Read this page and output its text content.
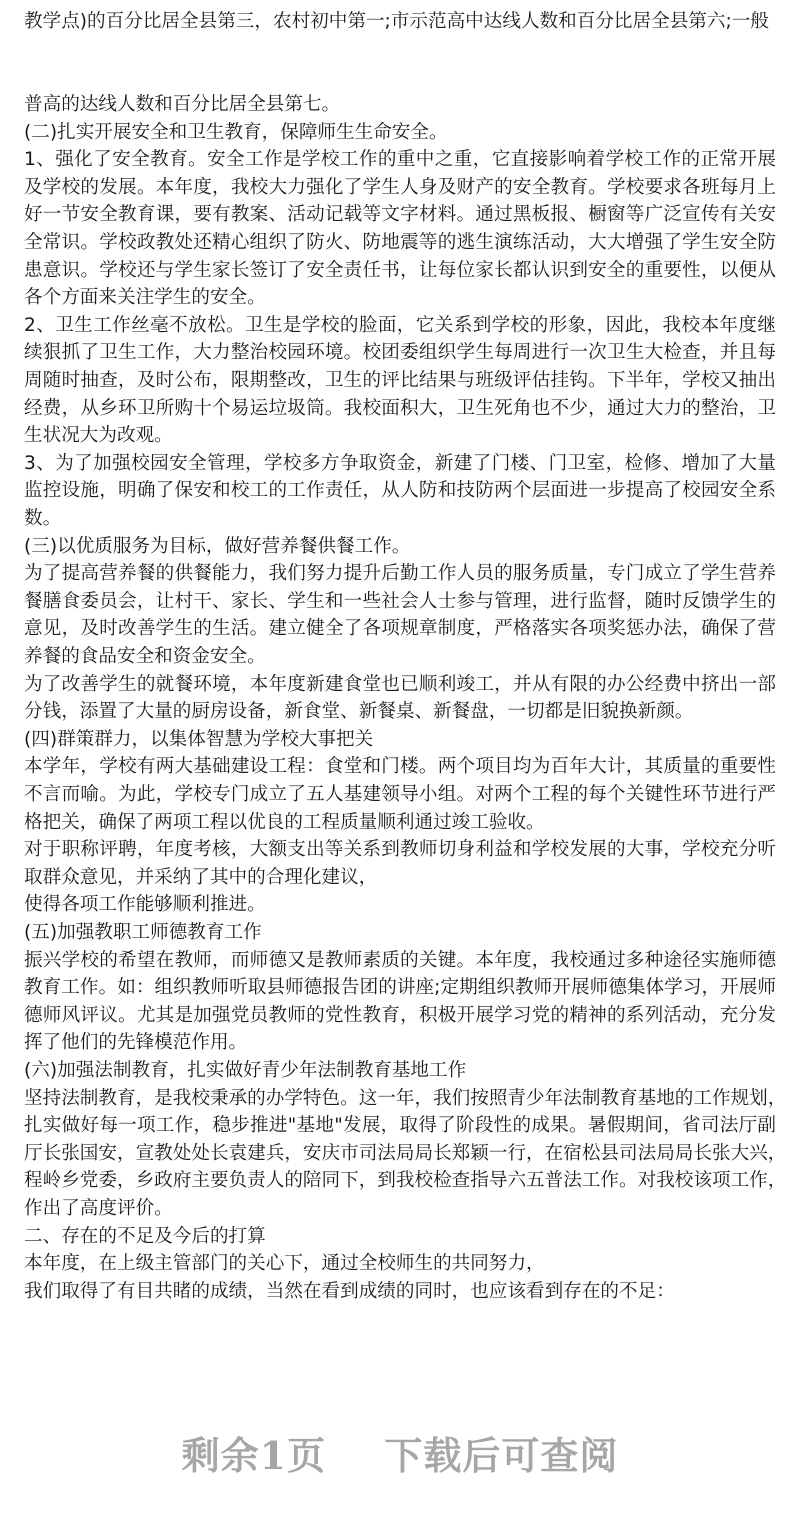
教学点)的百分比居全县第三，农村初中第一;市示范高中达线人数和百分比居全县第六;一般
普高的达线人数和百分比居全县第七。
(二)扎实开展安全和卫生教育，保障师生生命安全。
1、强化了安全教育。安全工作是学校工作的重中之重，它直接影响着学校工作的正常开展
及学校的发展。本年度，我校大力强化了学生人身及财产的安全教育。学校要求各班每月上
好一节安全教育课，要有教案、活动记载等文字材料。通过黑板报、橱窗等广泛宣传有关安
全常识。学校政教处还精心组织了防火、防地震等的逃生演练活动，大大增强了学生安全防
患意识。学校还与学生家长签订了安全责任书，让每位家长都认识到安全的重要性，以便从
各个方面来关注学生的安全。
2、卫生工作丝毫不放松。卫生是学校的脸面，它关系到学校的形象，因此，我校本年度继
续狠抓了卫生工作，大力整治校园环境。校团委组织学生每周进行一次卫生大检查，并且每
周随时抽查，及时公布，限期整改，卫生的评比结果与班级评估挂钩。下半年，学校又抽出
经费，从乡环卫所购十个易运垃圾筒。我校面积大，卫生死角也不少，通过大力的整治，卫
生状况大为改观。
3、为了加强校园安全管理，学校多方争取资金，新建了门楼、门卫室，检修、增加了大量
监控设施，明确了保安和校工的工作责任，从人防和技防两个层面进一步提高了校园安全系
数。
(三)以优质服务为目标，做好营养餐供餐工作。
为了提高营养餐的供餐能力，我们努力提升后勤工作人员的服务质量，专门成立了学生营养
餐膳食委员会，让村干、家长、学生和一些社会人士参与管理，进行监督，随时反馈学生的
意见，及时改善学生的生活。建立健全了各项规章制度，严格落实各项奖惩办法，确保了营
养餐的食品安全和资金安全。
为了改善学生的就餐环境，本年度新建食堂也已顺利竣工，并从有限的办公经费中挤出一部
分钱，添置了大量的厨房设备，新食堂、新餐桌、新餐盘，一切都是旧貌换新颜。
(四)群策群力，以集体智慧为学校大事把关
本学年，学校有两大基础建设工程：食堂和门楼。两个项目均为百年大计，其质量的重要性
不言而喻。为此，学校专门成立了五人基建领导小组。对两个工程的每个关键性环节进行严
格把关，确保了两项工程以优良的工程质量顺利通过竣工验收。
对于职称评聘，年度考核，大额支出等关系到教师切身利益和学校发展的大事，学校充分听
取群众意见，并采纳了其中的合理化建议，
使得各项工作能够顺利推进。
(五)加强教职工师德教育工作
振兴学校的希望在教师，而师德又是教师素质的关键。本年度，我校通过多种途径实施师德
教育工作。如：组织教师听取县师德报告团的讲座;定期组织教师开展师德集体学习，开展师
德师风评议。尤其是加强党员教师的党性教育，积极开展学习党的精神的系列活动，充分发
挥了他们的先锋模范作用。
(六)加强法制教育，扎实做好青少年法制教育基地工作
坚持法制教育，是我校秉承的办学特色。这一年，我们按照青少年法制教育基地的工作规划，
扎实做好每一项工作，稳步推进"基地"发展，取得了阶段性的成果。暑假期间，省司法厅副
厅长张国安，宣教处处长袁建兵，安庆市司法局局长郑颖一行，在宿松县司法局局长张大兴，
程岭乡党委，乡政府主要负责人的陪同下，到我校检查指导六五普法工作。对我校该项工作，
作出了高度评价。
二、存在的不足及今后的打算
本年度，在上级主管部门的关心下，通过全校师生的共同努力，
我们取得了有目共睹的成绩，当然在看到成绩的同时，也应该看到存在的不足：
剩余1页 下载后可查阅
